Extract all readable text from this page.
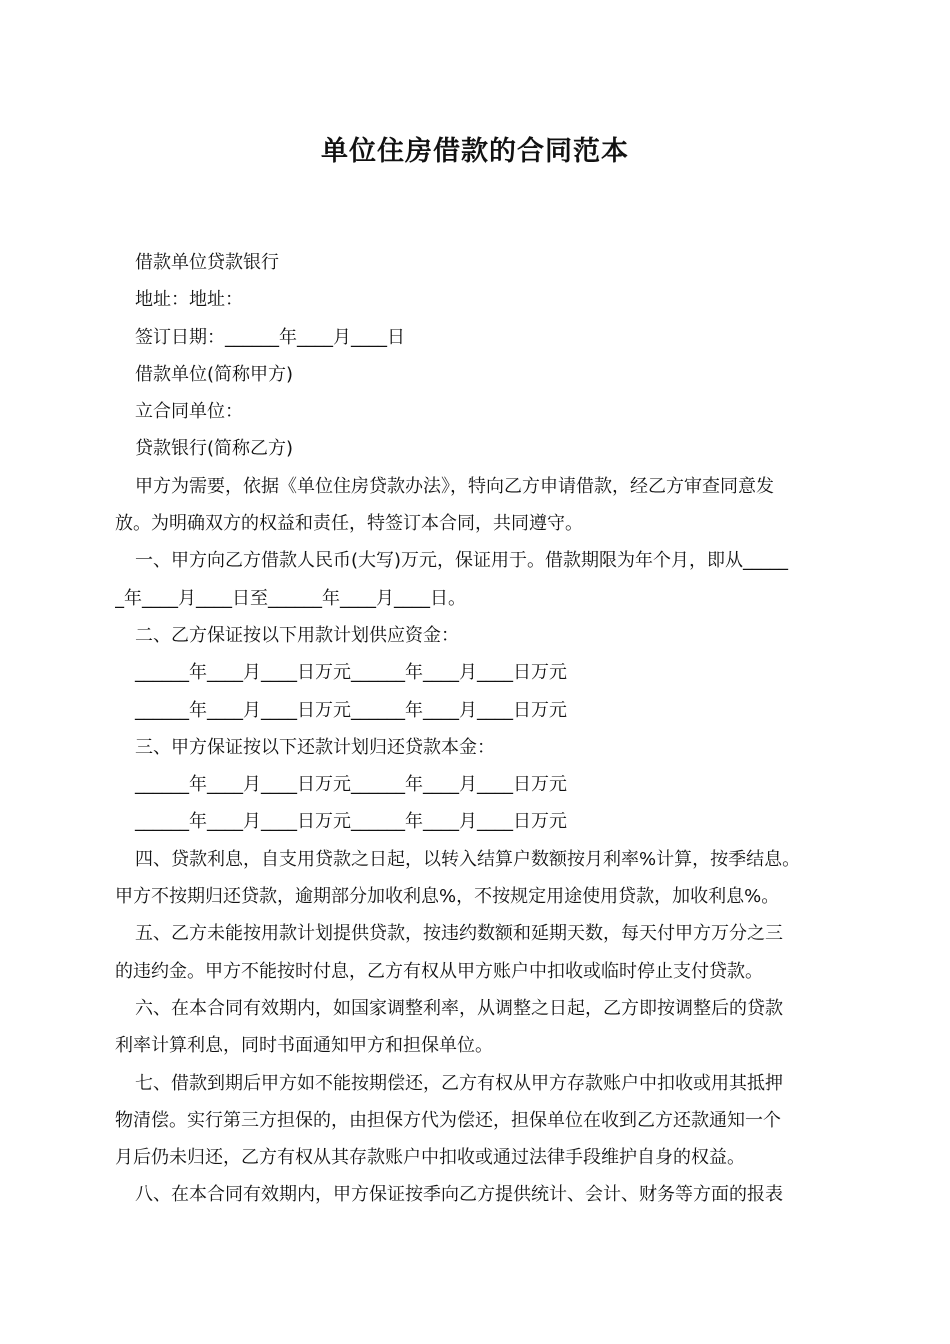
单位住房借款的合同范本
借款单位贷款银行
地址：地址：
签订日期：______年____月____日
借款单位(简称甲方)
立合同单位：
贷款银行(简称乙方)
甲方为需要，依据《单位住房贷款办法》，特向乙方申请借款，经乙方审查同意发
放。为明确双方的权益和责任，特签订本合同，共同遵守。
一、甲方向乙方借款人民币(大写)万元，保证用于。借款期限为年个月，即从_____
_年____月____日至______年____月____日。
二、乙方保证按以下用款计划供应资金：
______年____月____日万元______年____月____日万元
______年____月____日万元______年____月____日万元
三、甲方保证按以下还款计划归还贷款本金：
______年____月____日万元______年____月____日万元
______年____月____日万元______年____月____日万元
四、贷款利息，自支用贷款之日起，以转入结算户数额按月利率%计算，按季结息。
甲方不按期归还贷款，逾期部分加收利息%，不按规定用途使用贷款，加收利息%。
五、乙方未能按用款计划提供贷款，按违约数额和延期天数，每天付甲方万分之三
的违约金。甲方不能按时付息，乙方有权从甲方账户中扣收或临时停止支付贷款。
六、在本合同有效期内，如国家调整利率，从调整之日起，乙方即按调整后的贷款
利率计算利息，同时书面通知甲方和担保单位。
七、借款到期后甲方如不能按期偿还，乙方有权从甲方存款账户中扣收或用其抵押
物清偿。实行第三方担保的，由担保方代为偿还，担保单位在收到乙方还款通知一个
月后仍未归还，乙方有权从其存款账户中扣收或通过法律手段维护自身的权益。
八、在本合同有效期内，甲方保证按季向乙方提供统计、会计、财务等方面的报表
